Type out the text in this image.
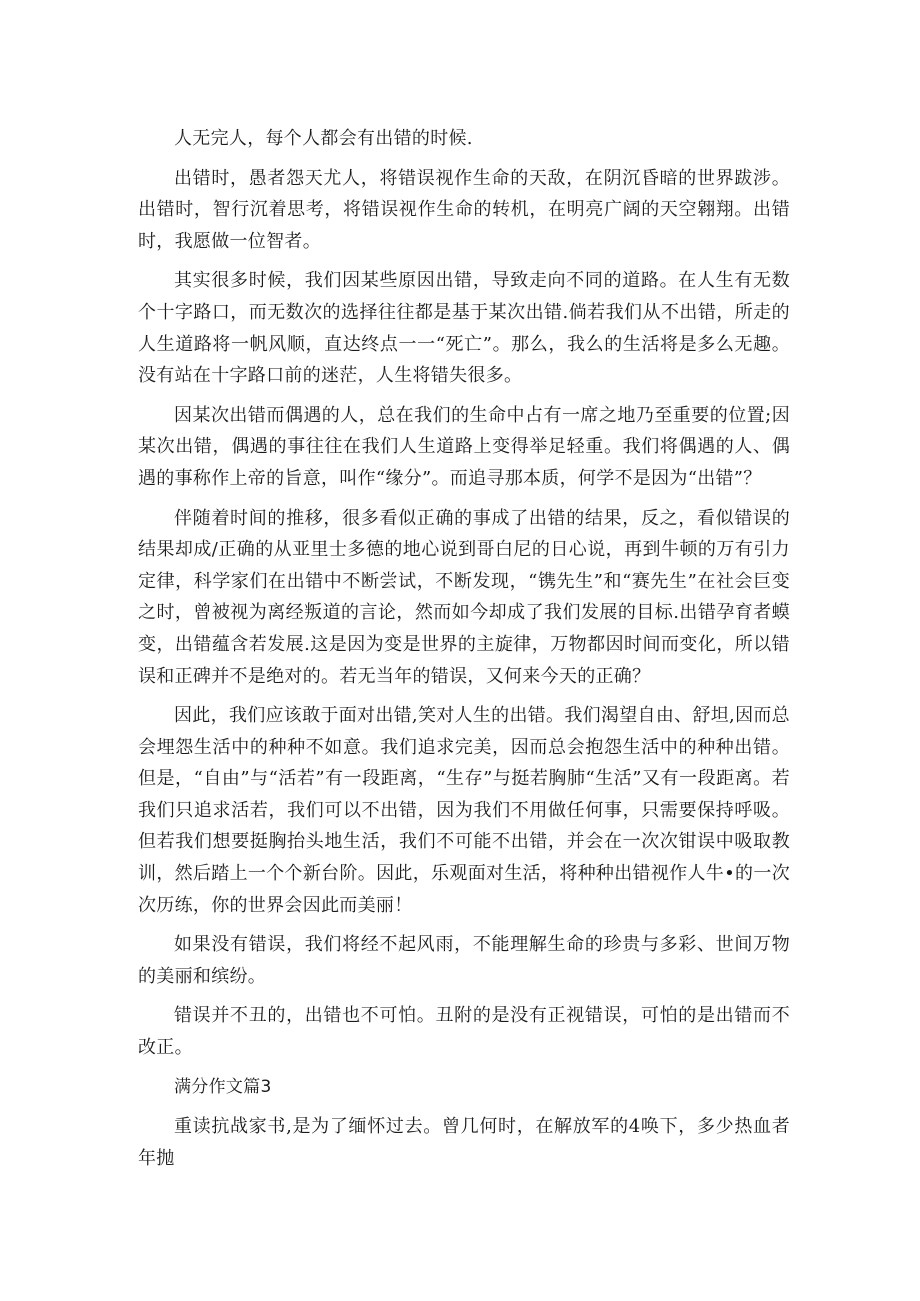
人无完人，每个人都会有出错的时候.

出错时，愚者怨天尤人，将错误视作生命的天敌，在阴沉昏暗的世界跋涉。出错时，智行沉着思考，将错误视作生命的转机，在明亮广阔的天空翱翔。出错时，我愿做一位智者。

其实很多时候，我们因某些原因出错，导致走向不同的道路。在人生有无数个十字路口，而无数次的选择往往都是基于某次出错.倘若我们从不出错，所走的人生道路将一帆风顺，直达终点一一“死亡”。那么，我么的生活将是多么无趣。没有站在十字路口前的迷茫，人生将错失很多。

因某次出错而偶遇的人，总在我们的生命中占有一席之地乃至重要的位置;因某次出错，偶遇的事往往在我们人生道路上变得举足轻重。我们将偶遇的人、偶遇的事称作上帝的旨意，叫作“缘分”。而追寻那本质，何学不是因为“出错”？

伴随着时间的推移，很多看似正确的事成了出错的结果，反之，看似错误的结果却成/正确的从亚里士多德的地心说到哥白尼的日心说，再到牛顿的万有引力定律，科学家们在出错中不断尝试，不断发现，“镌先生”和“赛先生”在社会巨变之时，曾被视为离经叛道的言论，然而如今却成了我们发展的目标.出错孕育者蟆变，出错蕴含若发展.这是因为变是世界的主旋律，万物都因时间而变化，所以错误和正碑并不是绝对的。若无当年的错误，又何来今天的正确？

因此，我们应该敢于面对出错,笑对人生的出错。我们渴望自由、舒坦,因而总会埋怨生活中的种种不如意。我们追求完美，因而总会抱怨生活中的种种出错。但是，“自由”与“活若”有一段距离，“生存”与挺若胸肺“生活”又有一段距离。若我们只追求活若，我们可以不出错，因为我们不用做任何事，只需要保持呼吸。但若我们想要挺胸抬头地生活，我们不可能不出错，并会在一次次钳误中吸取教训，然后踏上一个个新台阶。因此，乐观面对生活，将种种出错视作人牛•的一次次历练，你的世界会因此而美丽！

如果没有错误，我们将经不起风雨，不能理解生命的珍贵与多彩、世间万物的美丽和缤纷。

错误并不丑的，出错也不可怕。丑附的是没有正视错误，可怕的是出错而不改正。

满分作文篇3

重读抗战家书,是为了缅怀过去。曾几何时，在解放军的4唤下，多少热血者年抛
